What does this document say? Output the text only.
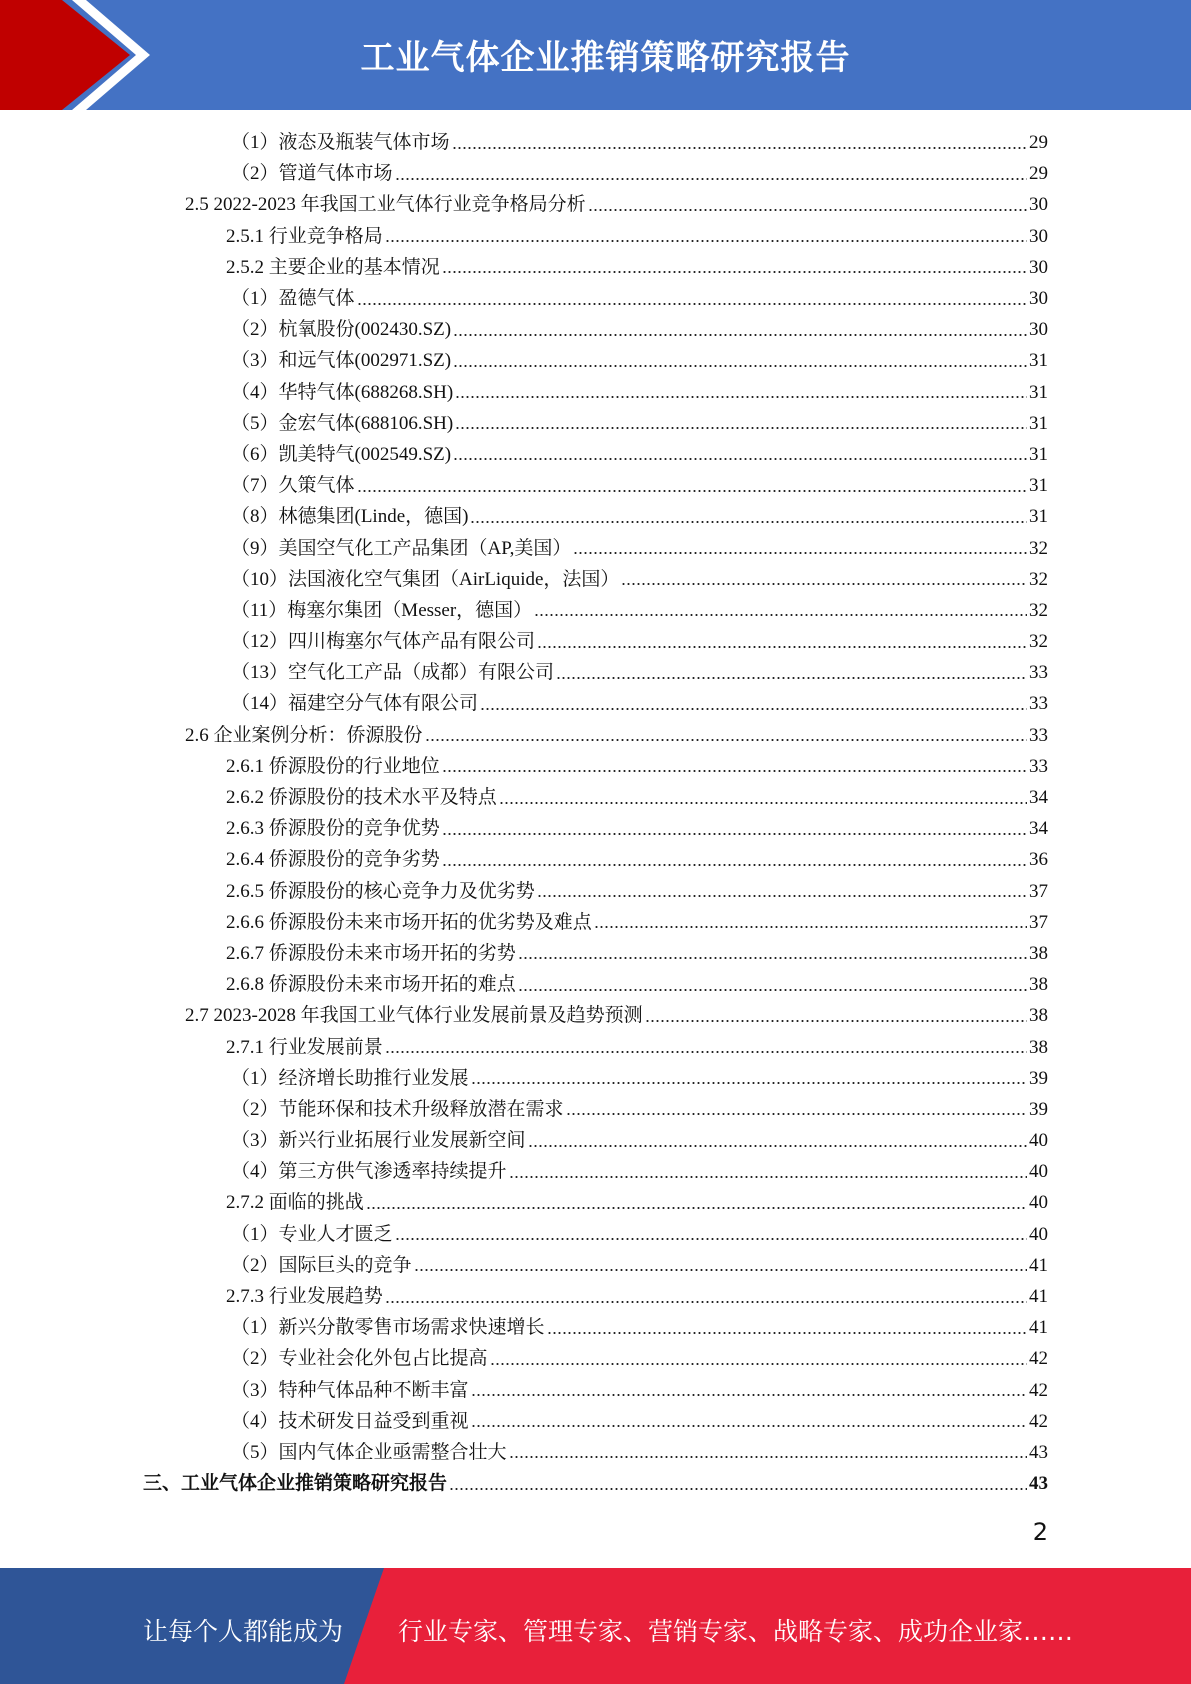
工业气体企业推销策略研究报告
（1）液态及瓶装气体市场	29
（2）管道气体市场	29
2.5 2022-2023 年我国工业气体行业竞争格局分析	30
2.5.1 行业竞争格局	30
2.5.2 主要企业的基本情况	30
（1）盈德气体	30
（2）杭氧股份(002430.SZ)	30
（3）和远气体(002971.SZ)	31
（4）华特气体(688268.SH)	31
（5）金宏气体(688106.SH)	31
（6）凯美特气(002549.SZ)	31
（7）久策气体	31
（8）林德集团(Linde，德国)	31
（9）美国空气化工产品集团（AP,美国）	32
（10）法国液化空气集团（AirLiquide，法国）	32
（11）梅塞尔集团（Messer，德国）	32
（12）四川梅塞尔气体产品有限公司	32
（13）空气化工产品（成都）有限公司	33
（14）福建空分气体有限公司	33
2.6 企业案例分析：侨源股份	33
2.6.1 侨源股份的行业地位	33
2.6.2 侨源股份的技术水平及特点	34
2.6.3 侨源股份的竞争优势	34
2.6.4 侨源股份的竞争劣势	36
2.6.5 侨源股份的核心竞争力及优劣势	37
2.6.6 侨源股份未来市场开拓的优劣势及难点	37
2.6.7 侨源股份未来市场开拓的劣势	38
2.6.8 侨源股份未来市场开拓的难点	38
2.7 2023-2028 年我国工业气体行业发展前景及趋势预测	38
2.7.1 行业发展前景	38
（1）经济增长助推行业发展	39
（2）节能环保和技术升级释放潜在需求	39
（3）新兴行业拓展行业发展新空间	40
（4）第三方供气渗透率持续提升	40
2.7.2 面临的挑战	40
（1）专业人才匮乏	40
（2）国际巨头的竞争	41
2.7.3 行业发展趋势	41
（1）新兴分散零售市场需求快速增长	41
（2）专业社会化外包占比提高	42
（3）特种气体品种不断丰富	42
（4）技术研发日益受到重视	42
（5）国内气体企业亟需整合壮大	43
三、工业气体企业推销策略研究报告	43
2
让每个人都能成为 行业专家、管理专家、营销专家、战略专家、成功企业家……
